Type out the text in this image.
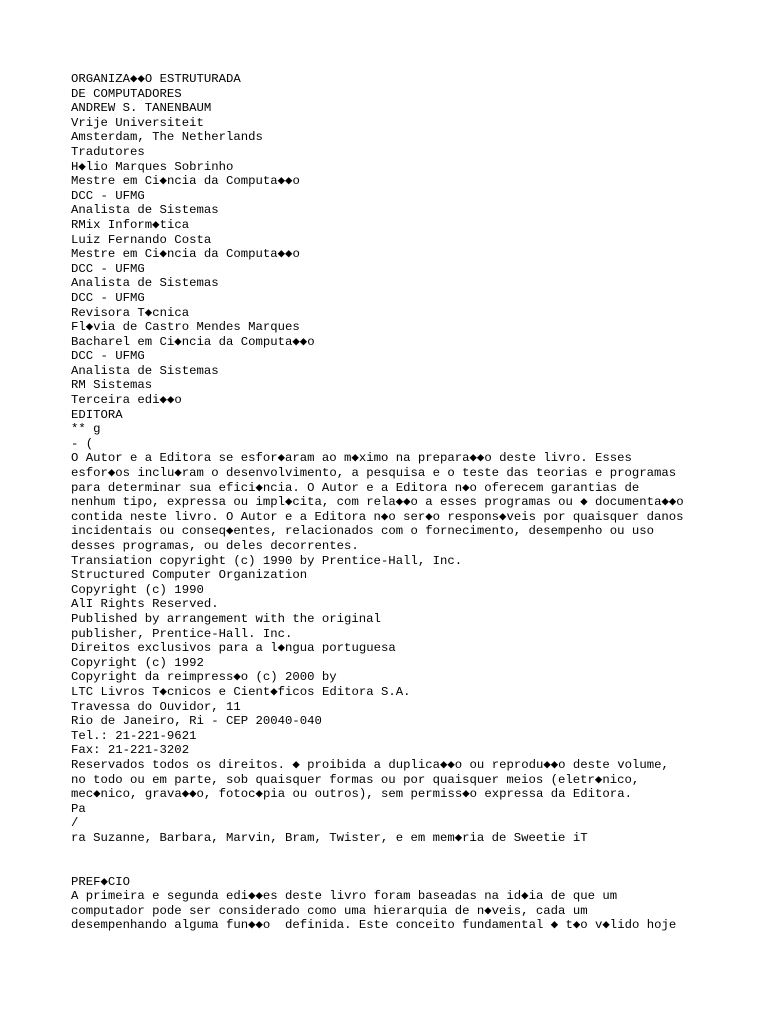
ORGANIZA◆◆O ESTRUTURADA
DE COMPUTADORES
ANDREW S. TANENBAUM
Vrije Universiteit
Amsterdam, The Netherlands
Tradutores
H◆lio Marques Sobrinho
Mestre em Ci◆ncia da Computa◆◆o
DCC - UFMG
Analista de Sistemas
RMix Inform◆tica
Luiz Fernando Costa
Mestre em Ci◆ncia da Computa◆◆o
DCC - UFMG
Analista de Sistemas
DCC - UFMG
Revisora T◆cnica
Fl◆via de Castro Mendes Marques
Bacharel em Ci◆ncia da Computa◆◆o
DCC - UFMG
Analista de Sistemas
RM Sistemas
Terceira edi◆◆o
EDITORA
** g
- (
O Autor e a Editora se esfor◆aram ao m◆ximo na prepara◆◆o deste livro. Esses
esfor◆os inclu◆ram o desenvolvimento, a pesquisa e o teste das teorias e programas
para determinar sua efici◆ncia. O Autor e a Editora n◆o oferecem garantias de
nenhum tipo, expressa ou impl◆cita, com rela◆◆o a esses programas ou ◆ documenta◆◆o
contida neste livro. O Autor e a Editora n◆o ser◆o respons◆veis por quaisquer danos
incidentais ou conseq◆entes, relacionados com o fornecimento, desempenho ou uso
desses programas, ou deles decorrentes.
Transiation copyright (c) 1990 by Prentice-Hall, Inc.
Structured Computer Organization
Copyright (c) 1990
AlI Rights Reserved.
Published by arrangement with the original
publisher, Prentice-Hall. Inc.
Direitos exclusivos para a l◆ngua portuguesa
Copyright (c) 1992
Copyright da reimpress◆o (c) 2000 by
LTC Livros T◆cnicos e Cient◆ficos Editora S.A.
Travessa do Ouvidor, 11
Rio de Janeiro, Ri - CEP 20040-040
Tel.: 21-221-9621
Fax: 21-221-3202
Reservados todos os direitos. ◆ proibida a duplica◆◆o ou reprodu◆◆o deste volume,
no todo ou em parte, sob quaisquer formas ou por quaisquer meios (eletr◆nico,
mec◆nico, grava◆◆o, fotoc◆pia ou outros), sem permiss◆o expressa da Editora.
Pa
/
ra Suzanne, Barbara, Marvin, Bram, Twister, e em mem◆ria de Sweetie iT
PREF◆CIO
A primeira e segunda edi◆◆es deste livro foram baseadas na id◆ia de que um
computador pode ser considerado como uma hierarquia de n◆veis, cada um
desempenhando alguma fun◆◆o  definida. Este conceito fundamental ◆ t◆o v◆lido hoje
